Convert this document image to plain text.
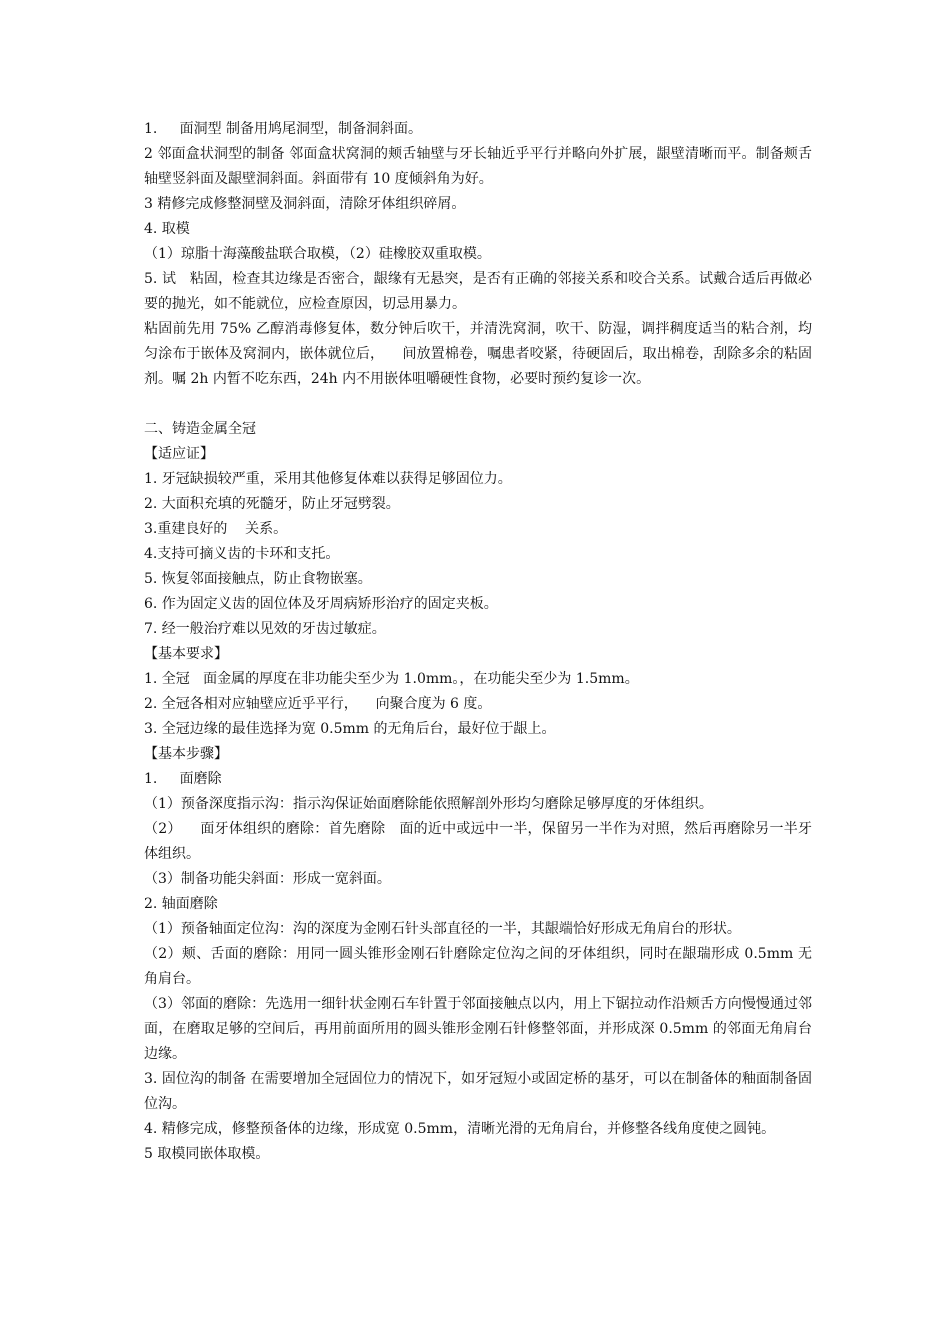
1.     面洞型 制备用鸠尾洞型，制备洞斜面。
2 邻面盒状洞型的制备 邻面盒状窝洞的颊舌轴壁与牙长轴近乎平行并略向外扩展，龈壁清晰而平。制备颊舌轴壁竖斜面及龈壁洞斜面。斜面带有 10 度倾斜角为好。
3 精修完成修整洞壁及洞斜面，清除牙体组织碎屑。
4. 取模
（1）琼脂十海藻酸盐联合取模，（2）硅橡胶双重取模。
5. 试   粘固，检查其边缘是否密合，龈缘有无悬突，是否有正确的邻接关系和咬合关系。试戴合适后再做必要的抛光，如不能就位，应检查原因，切忌用暴力。
粘固前先用 75% 乙醇消毒修复体，数分钟后吹干，并清洗窝洞，吹干、防湿，调拌稠度适当的粘合剂，均匀涂布于嵌体及窝洞内，嵌体就位后，    间放置棉卷，嘱患者咬紧，待硬固后，取出棉卷，刮除多余的粘固剂。嘱 2h 内暂不吃东西，24h 内不用嵌体咀嚼硬性食物，必要时预约复诊一次。
二、铸造金属全冠
【适应证】
1. 牙冠缺损较严重，采用其他修复体难以获得足够固位力。
2. 大面积充填的死髓牙，防止牙冠劈裂。
3.重建良好的    关系。
4.支持可摘义齿的卡环和支托。
5. 恢复邻面接触点，防止食物嵌塞。
6. 作为固定义齿的固位体及牙周病矫形治疗的固定夹板。
7. 经一般治疗难以见效的牙齿过敏症。
【基本要求】
1. 全冠   面金属的厚度在非功能尖至少为 1.0mm。，在功能尖至少为 1.5mm。
2. 全冠各相对应轴壁应近乎平行，    向聚合度为 6 度。
3. 全冠边缘的最佳选择为宽 0.5mm 的无角后台，最好位于龈上。
【基本步骤】
1.     面磨除
（1）预备深度指示沟：指示沟保证始面磨除能依照解剖外形均匀磨除足够厚度的牙体组织。
（2）    面牙体组织的磨除：首先磨除   面的近中或远中一半，保留另一半作为对照，然后再磨除另一半牙体组织。
（3）制备功能尖斜面：形成一宽斜面。
2. 轴面磨除
（1）预备轴面定位沟：沟的深度为金刚石针头部直径的一半，其龈端恰好形成无角肩台的形状。
（2）颊、舌面的磨除：用同一圆头锥形金刚石针磨除定位沟之间的牙体组织，同时在龈瑞形成 0.5mm 无角肩台。
（3）邻面的磨除：先选用一细针状金刚石车针置于邻面接触点以内，用上下锯拉动作沿颊舌方向慢慢通过邻面，在磨取足够的空间后，再用前面所用的圆头锥形金刚石针修整邻面，并形成深 0.5mm 的邻面无角肩台边缘。
3. 固位沟的制备 在需要增加全冠固位力的情况下，如牙冠短小或固定桥的基牙，可以在制备体的釉面制备固位沟。
4. 精修完成，修整预备体的边缘，形成宽 0.5mm，清晰光滑的无角肩台，并修整各线角度使之圆钝。
5 取模同嵌体取模。
